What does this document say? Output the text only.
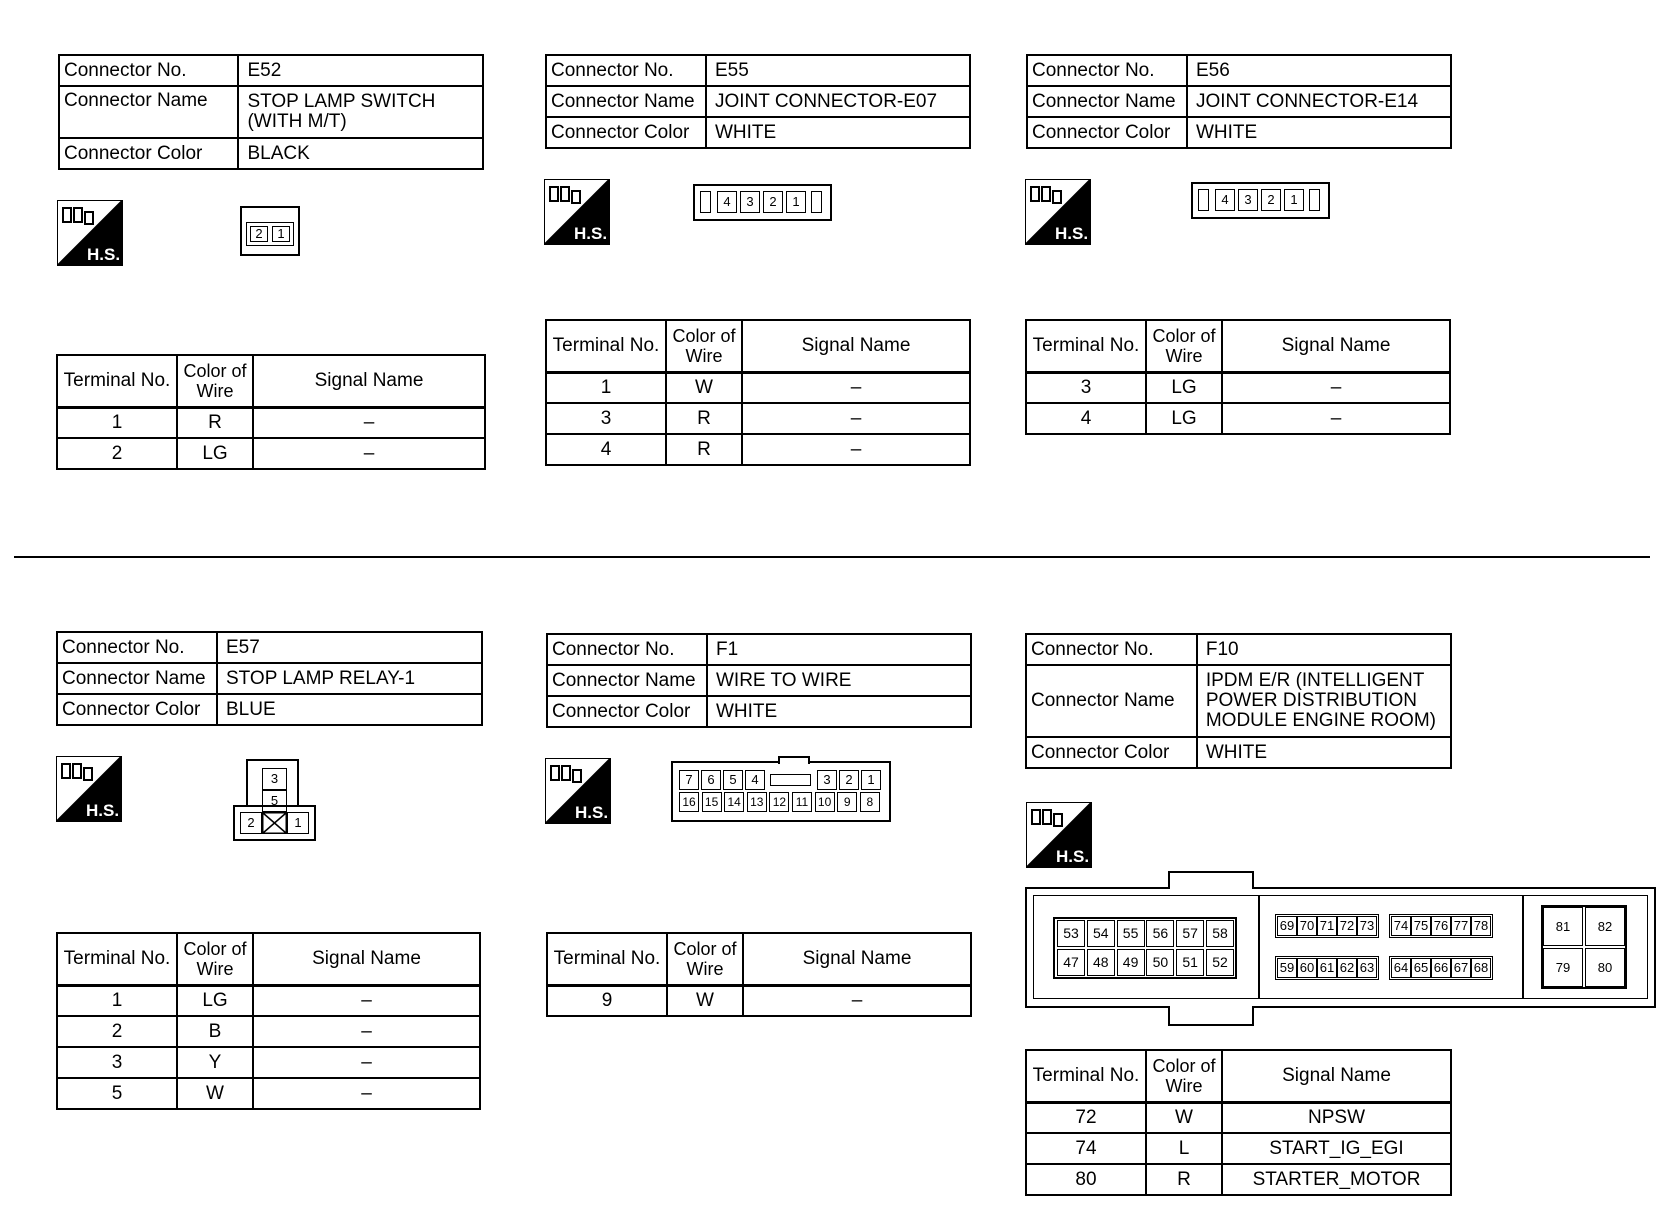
Connector No.	E52
Connector Name	STOP LAMP SWITCH (WITH M/T)
Connector Color	BLACK
H.S.
2	1
Terminal No.	Color of Wire	Signal Name
1	R	–
2	LG	–
Connector No.	E55
Connector Name	JOINT CONNECTOR-E07
Connector Color	WHITE
H.S.
4	3	2	1
Terminal No.	Color of Wire	Signal Name
1	W	–
3	R	–
4	R	–
Connector No.	E56
Connector Name	JOINT CONNECTOR-E14
Connector Color	WHITE
H.S.
4	3	2	1
Terminal No.	Color of Wire	Signal Name
3	LG	–
4	LG	–
Connector No.	E57
Connector Name	STOP LAMP RELAY-1
Connector Color	BLUE
H.S.
3
5
2	1
Terminal No.	Color of Wire	Signal Name
1	LG	–
2	B	–
3	Y	–
5	W	–
Connector No.	F1
Connector Name	WIRE TO WIRE
Connector Color	WHITE
H.S.
7	6	5	4	3	2	1
16 15 14 13 12 11 10	9	8
Terminal No.	Color of Wire	Signal Name
9	W	–
Connector No.	F10
Connector Name	IPDM E/R (INTELLIGENT POWER DISTRIBUTION MODULE ENGINE ROOM)
Connector Color	WHITE
H.S.
53	54	55	56	57	58
47	48	49	50	51	52
69 70 71 72 73 74 75 76 77 78
59 60 61 62 63 64 65 66 67 68
81	82
79	80
Terminal No.	Color of Wire	Signal Name
72	W	NPSW
74	L	START_IG_EGI
80	R	STARTER_MOTOR
